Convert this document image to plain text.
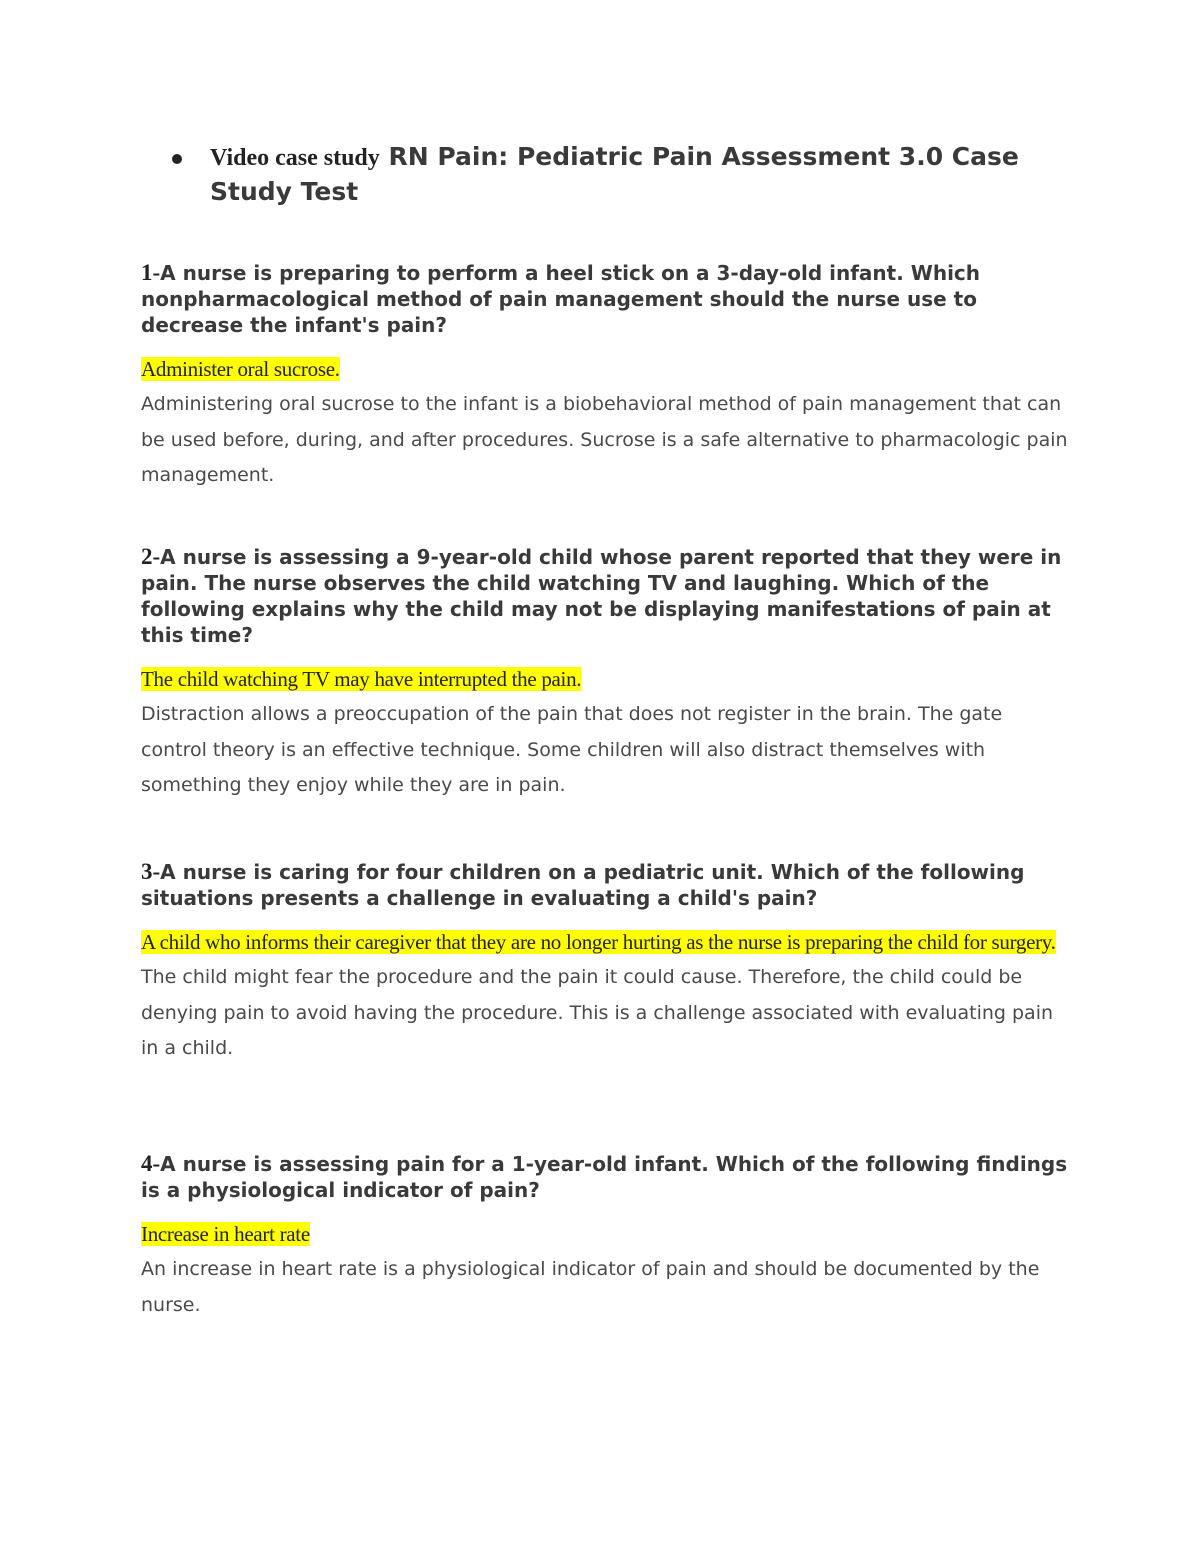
Video case study RN Pain: Pediatric Pain Assessment 3.0 Case Study Test

1-A nurse is preparing to perform a heel stick on a 3-day-old infant. Which nonpharmacological method of pain management should the nurse use to decrease the infant's pain?

Administer oral sucrose.

Administering oral sucrose to the infant is a biobehavioral method of pain management that can be used before, during, and after procedures. Sucrose is a safe alternative to pharmacologic pain management.

2-A nurse is assessing a 9-year-old child whose parent reported that they were in pain. The nurse observes the child watching TV and laughing. Which of the following explains why the child may not be displaying manifestations of pain at this time?

The child watching TV may have interrupted the pain.

Distraction allows a preoccupation of the pain that does not register in the brain. The gate control theory is an effective technique. Some children will also distract themselves with something they enjoy while they are in pain.

3-A nurse is caring for four children on a pediatric unit. Which of the following situations presents a challenge in evaluating a child's pain?

A child who informs their caregiver that they are no longer hurting as the nurse is preparing the child for surgery.

The child might fear the procedure and the pain it could cause. Therefore, the child could be denying pain to avoid having the procedure. This is a challenge associated with evaluating pain in a child.

4-A nurse is assessing pain for a 1-year-old infant. Which of the following findings is a physiological indicator of pain?

Increase in heart rate

An increase in heart rate is a physiological indicator of pain and should be documented by the nurse.
